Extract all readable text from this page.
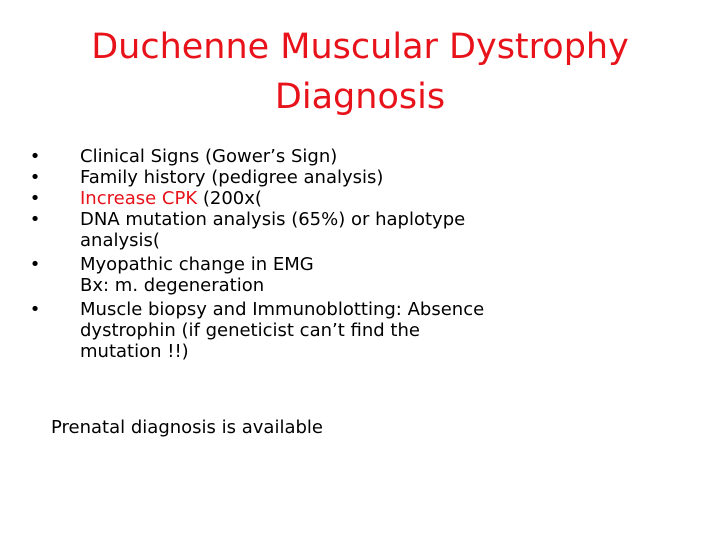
Duchenne Muscular Dystrophy
Diagnosis
• Clinical Signs (Gower’s Sign)
• Family history (pedigree analysis)
• Increase CPK (200x(
• DNA mutation analysis (65%) or haplotype
analysis(
• Myopathic change in EMG
Bx: m. degeneration
• Muscle biopsy and Immunoblotting: Absence
dystrophin (if geneticist can’t find the
mutation !!)
Prenatal diagnosis is available
